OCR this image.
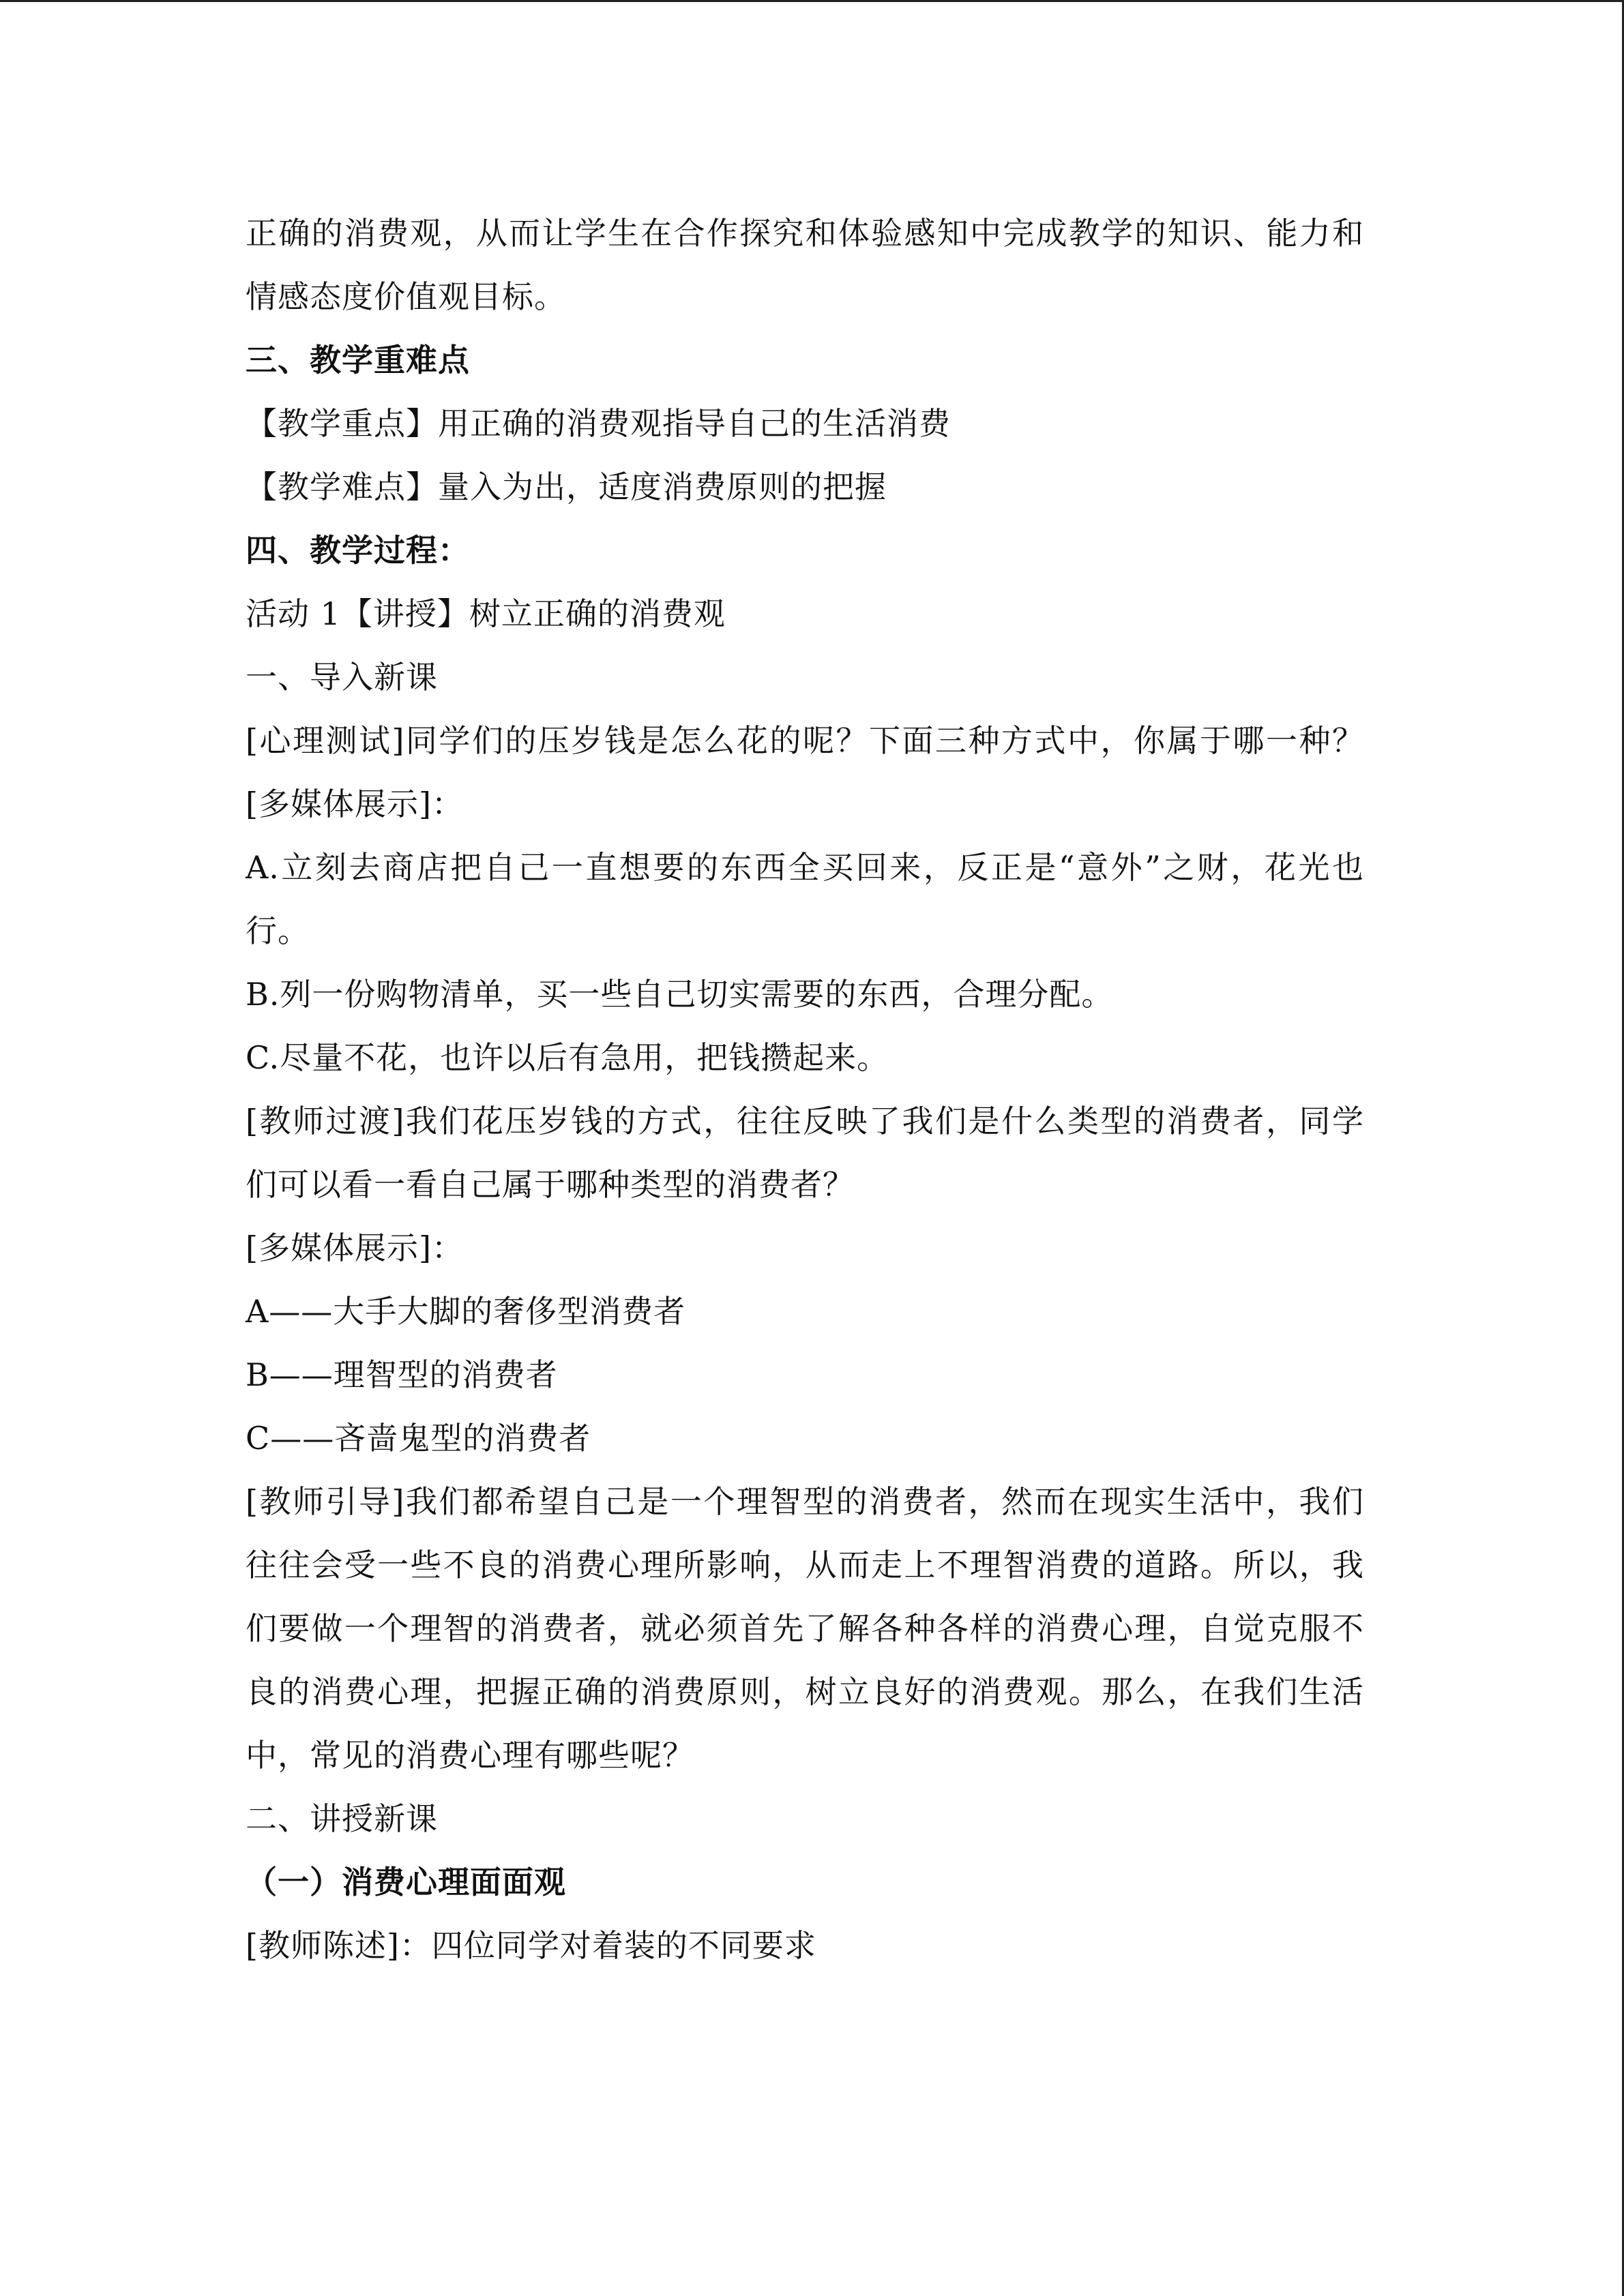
正确的消费观，从而让学生在合作探究和体验感知中完成教学的知识、能力和
情感态度价值观目标。
三、教学重难点
【教学重点】用正确的消费观指导自己的生活消费
【教学难点】量入为出，适度消费原则的把握
四、教学过程：
活动 1【讲授】树立正确的消费观
一、导入新课
[心理测试]同学们的压岁钱是怎么花的呢？下面三种方式中，你属于哪一种？
[多媒体展示]：
A.立刻去商店把自己一直想要的东西全买回来，反正是“意外”之财，花光也
行。
B.列一份购物清单，买一些自己切实需要的东西，合理分配。
C.尽量不花，也许以后有急用，把钱攒起来。
[教师过渡]我们花压岁钱的方式，往往反映了我们是什么类型的消费者，同学
们可以看一看自己属于哪种类型的消费者？
[多媒体展示]：
A——大手大脚的奢侈型消费者
B——理智型的消费者
C——吝啬鬼型的消费者
[教师引导]我们都希望自己是一个理智型的消费者，然而在现实生活中，我们
往往会受一些不良的消费心理所影响，从而走上不理智消费的道路。所以，我
们要做一个理智的消费者，就必须首先了解各种各样的消费心理，自觉克服不
良的消费心理，把握正确的消费原则，树立良好的消费观。那么，在我们生活
中，常见的消费心理有哪些呢？
二、讲授新课
（一）消费心理面面观
[教师陈述]：四位同学对着装的不同要求
